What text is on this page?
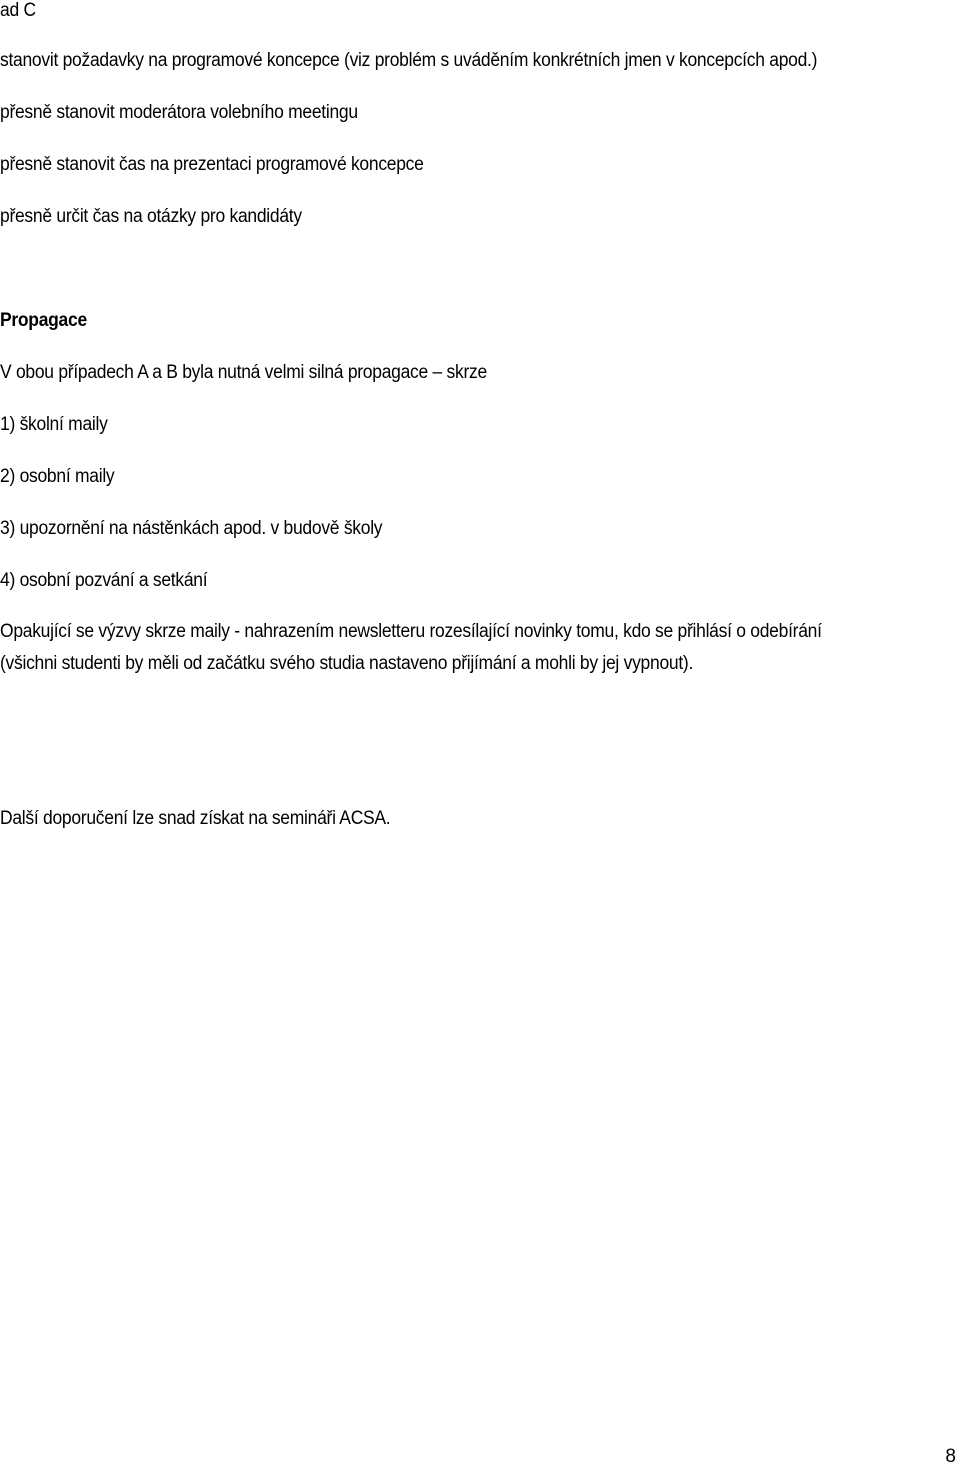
ad C
stanovit požadavky na programové koncepce (viz problém s uváděním konkrétních jmen v koncepcích apod.)
přesně stanovit moderátora volebního meetingu
přesně stanovit čas na prezentaci programové koncepce
přesně určit čas na otázky pro kandidáty
Propagace
V obou případech A a B byla nutná velmi silná propagace – skrze
1) školní maily
2) osobní maily
3) upozornění na nástěnkách apod. v budově školy
4) osobní pozvání a setkání
Opakující se výzvy skrze maily - nahrazením newsletteru rozesílající novinky tomu, kdo se přihlásí o odebírání
(všichni studenti by měli od začátku svého studia nastaveno přijímání a mohli by jej vypnout).
Další doporučení lze snad získat na semináři ACSA.
8
